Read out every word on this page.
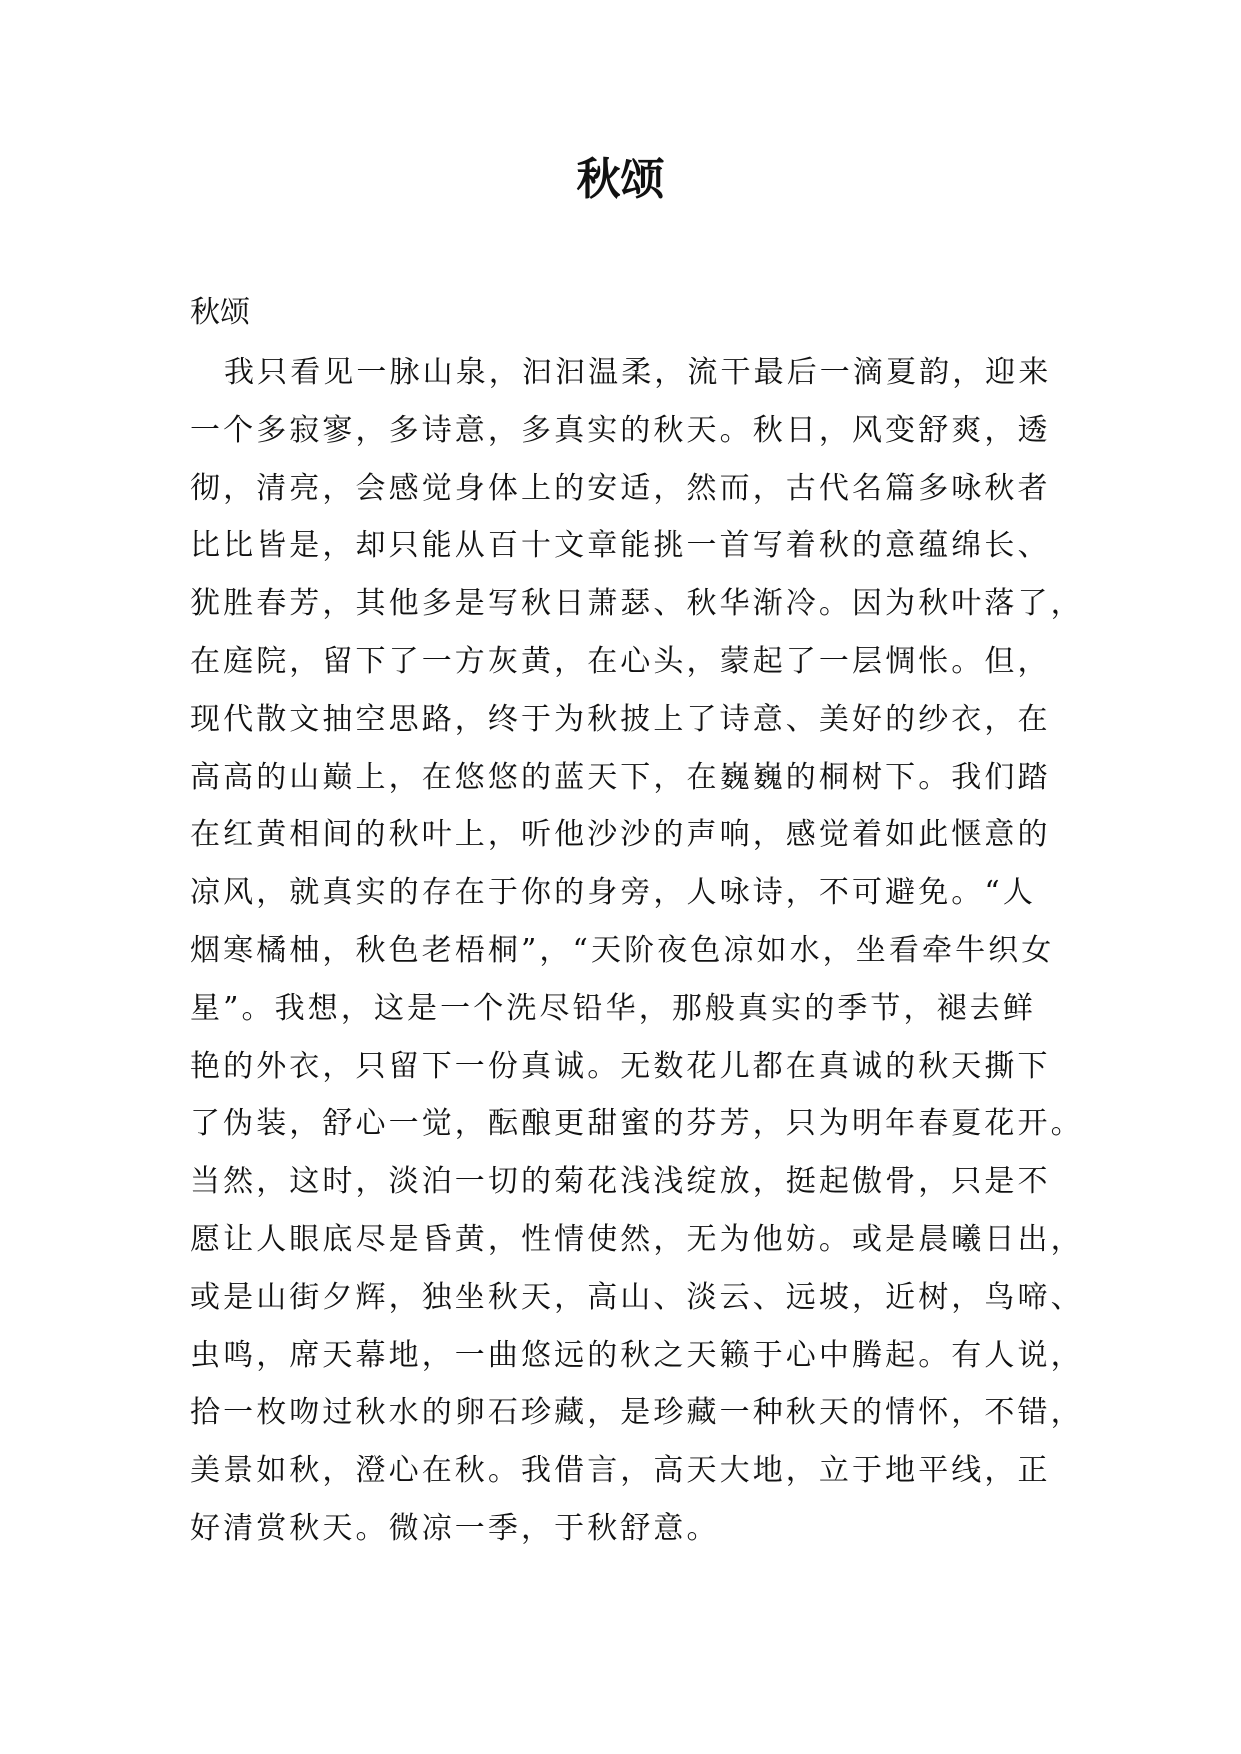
秋颂

秋颂

我只看见一脉山泉，汩汩温柔，流干最后一滴夏韵，迎来
一个多寂寥，多诗意，多真实的秋天。秋日，风变舒爽，透
彻，清亮，会感觉身体上的安适，然而，古代名篇多咏秋者
比比皆是，却只能从百十文章能挑一首写着秋的意蕴绵长、
犹胜春芳，其他多是写秋日萧瑟、秋华渐冷。因为秋叶落了，
在庭院，留下了一方灰黄，在心头，蒙起了一层惆怅。但，
现代散文抽空思路，终于为秋披上了诗意、美好的纱衣，在
高高的山巅上，在悠悠的蓝天下，在巍巍的桐树下。我们踏
在红黄相间的秋叶上，听他沙沙的声响，感觉着如此惬意的
凉风，就真实的存在于你的身旁，人咏诗，不可避免。“人
烟寒橘柚，秋色老梧桐”，“天阶夜色凉如水，坐看牵牛织女
星”。我想，这是一个洗尽铅华，那般真实的季节，褪去鲜
艳的外衣，只留下一份真诚。无数花儿都在真诚的秋天撕下
了伪装，舒心一觉，酝酿更甜蜜的芬芳，只为明年春夏花开。
当然，这时，淡泊一切的菊花浅浅绽放，挺起傲骨，只是不
愿让人眼底尽是昏黄，性情使然，无为他妨。或是晨曦日出，
或是山街夕辉，独坐秋天，高山、淡云、远坡，近树，鸟啼、
虫鸣，席天幕地，一曲悠远的秋之天籁于心中腾起。有人说，
拾一枚吻过秋水的卵石珍藏，是珍藏一种秋天的情怀，不错，
美景如秋，澄心在秋。我借言，高天大地，立于地平线，正
好清赏秋天。微凉一季，于秋舒意。
